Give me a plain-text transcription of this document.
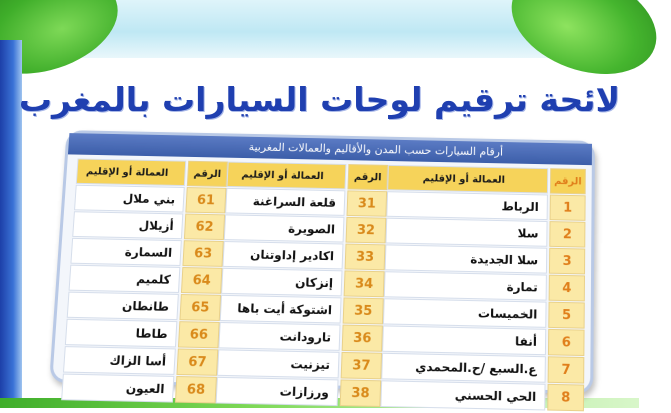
لائحة ترقيم لوحات السيارات بالمغرب
أرقام السيارات حسب المدن والأقاليم والعمالات المغربية
الرقم
العمالة أو الإقليم
1
الرباط
2
سلا
3
سلا الجديدة
4
تمارة
5
الخميسات
6
أنفا
7
ع.السبع /ح.المحمدي
8
الحي الحسني
الرقم
العمالة أو الإقليم
31
قلعة السراغنة
32
الصويرة
33
اكادير إداوتنان
34
إنزكان
35
اشتوكة أيت باها
36
تارودانت
37
تيزنيت
38
ورزازات
الرقم
العمالة أو الإقليم
61
بني ملال
62
أزيلال
63
السمارة
64
كلميم
65
طانطان
66
طاطا
67
أسا الزاك
68
العيون
